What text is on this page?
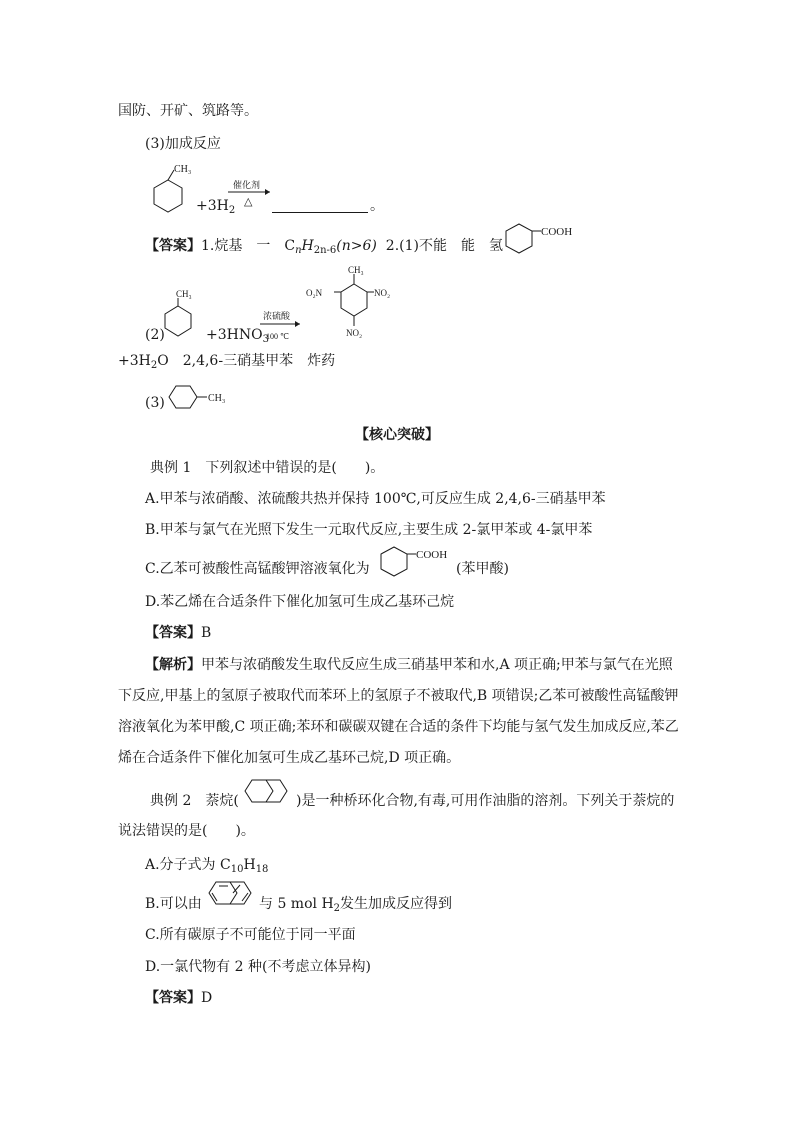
国防、开矿、筑路等。
(3)加成反应
CH₃
$+3H_2$
催化剂
△	。
【答案】1.烷基　一　$C_nH_{2n-6}(n>6)$ 2.(1)不能　能　氢
COOH
(2)
CH₃
$+3HNO_3$
浓硫酸
100 ℃
CH₃
O₂N	NO₂
NO₂
$+3H_2O$　2,4,6-三硝基甲苯　炸药
(3)	CH₃
【核心突破】
典例 1　下列叙述中错误的是(　　)。
A.甲苯与浓硝酸、浓硫酸共热并保持 100℃,可反应生成 2,4,6-三硝基甲苯
B.甲苯与氯气在光照下发生一元取代反应,主要生成 2-氯甲苯或 4-氯甲苯
C.乙苯可被酸性高锰酸钾溶液氧化为
COOH
(苯甲酸)
D.苯乙烯在合适条件下催化加氢可生成乙基环己烷
【答案】B
【解析】甲苯与浓硝酸发生取代反应生成三硝基甲苯和水,A 项正确;甲苯与氯气在光照
下反应,甲基上的氢原子被取代而苯环上的氢原子不被取代,B 项错误;乙苯可被酸性高锰酸钾
溶液氧化为苯甲酸,C 项正确;苯环和碳碳双键在合适的条件下均能与氢气发生加成反应,苯乙
烯在合适条件下催化加氢可生成乙基环己烷,D 项正确。
典例 2　萘烷(	)是一种桥环化合物,有毒,可用作油脂的溶剂。下列关于萘烷的
说法错误的是(　　)。
A.分子式为 $C_{10}H_{18}$
B.可以由	与 5 mol $H_2$发生加成反应得到
C.所有碳原子不可能位于同一平面
D.一氯代物有 2 种(不考虑立体异构)
【答案】D
